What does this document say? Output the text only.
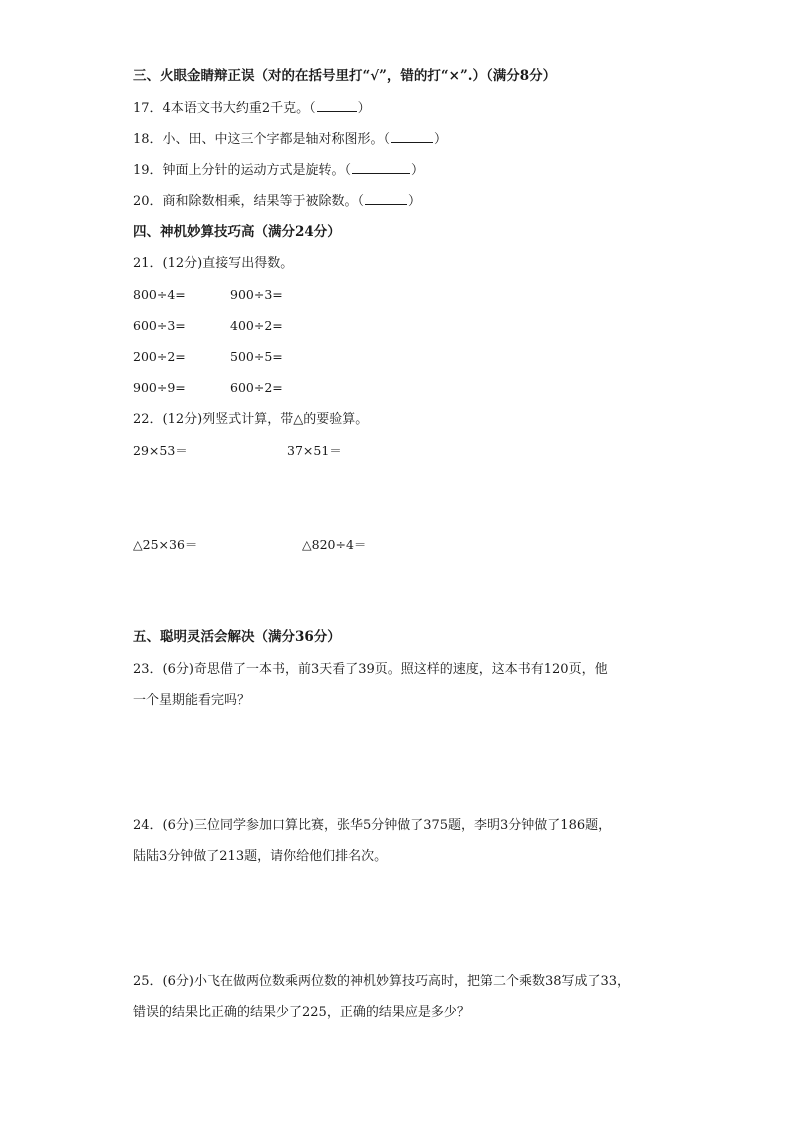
三、火眼金睛辩正误（对的在括号里打“√”，错的打“×”.）（满分8分）
17．4本语文书大约重2千克。（	）
18．小、田、中这三个字都是轴对称图形。（	）
19．钟面上分针的运动方式是旋转。（	）
20．商和除数相乘，结果等于被除数。（	）
四、神机妙算技巧高（满分24分）
21．(12分)直接写出得数。
800÷4=	900÷3=
600÷3=	400÷2=
200÷2=	500÷5=
900÷9=	600÷2=
22．(12分)列竖式计算，带△的要验算。
29×53＝	37×51＝
△25×36＝	△820÷4＝
五、聪明灵活会解决（满分36分）
23．(6分)奇思借了一本书，前3天看了39页。照这样的速度，这本书有120页，他
一个星期能看完吗？
24．(6分)三位同学参加口算比赛，张华5分钟做了375题，李明3分钟做了186题，
陆陆3分钟做了213题，请你给他们排名次。
25．(6分)小飞在做两位数乘两位数的神机妙算技巧高时，把第二个乘数38写成了33，
错误的结果比正确的结果少了225，正确的结果应是多少？
